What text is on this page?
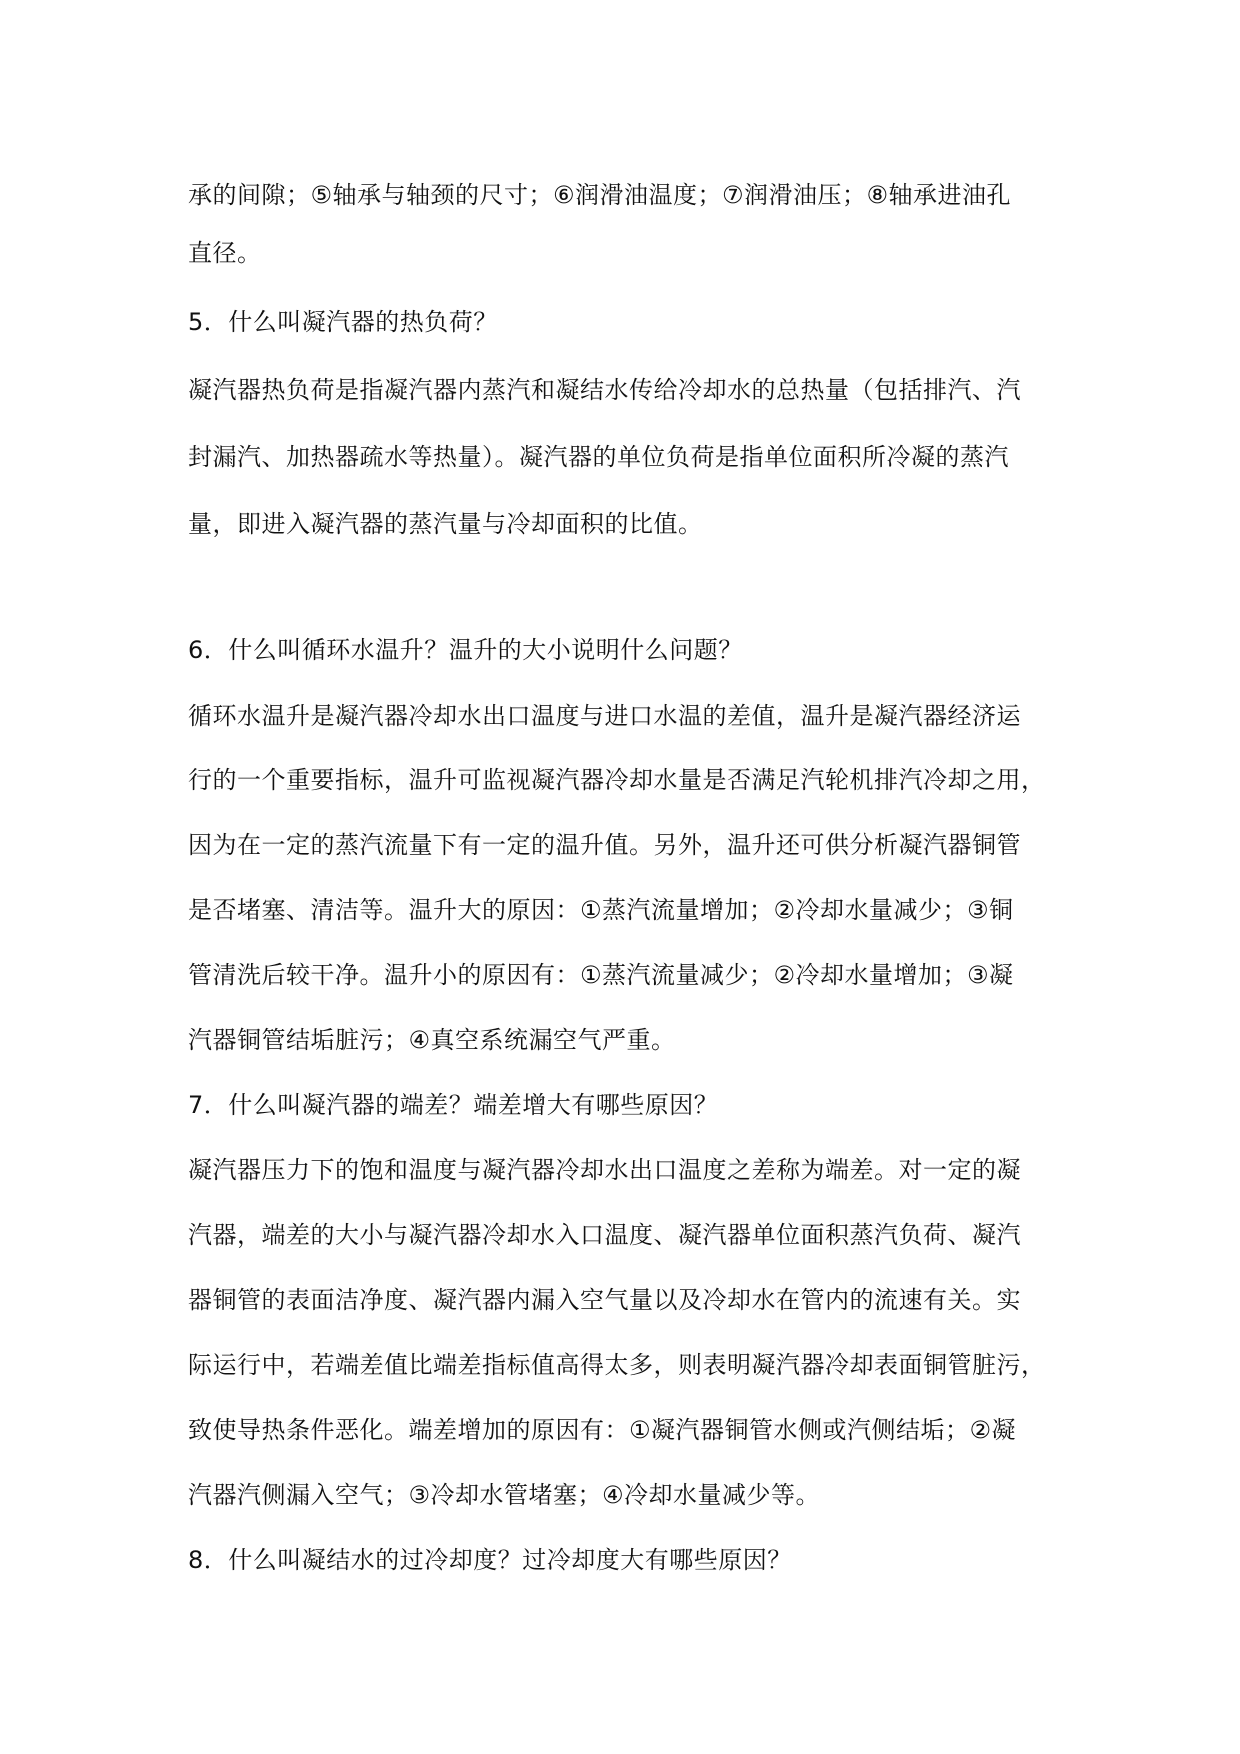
承的间隙；⑤轴承与轴颈的尺寸；⑥润滑油温度；⑦润滑油压；⑧轴承进油孔
直径。
5．什么叫凝汽器的热负荷？
凝汽器热负荷是指凝汽器内蒸汽和凝结水传给冷却水的总热量（包括排汽、汽
封漏汽、加热器疏水等热量）。凝汽器的单位负荷是指单位面积所冷凝的蒸汽
量，即进入凝汽器的蒸汽量与冷却面积的比值。
6．什么叫循环水温升？温升的大小说明什么问题？
循环水温升是凝汽器冷却水出口温度与进口水温的差值，温升是凝汽器经济运
行的一个重要指标，温升可监视凝汽器冷却水量是否满足汽轮机排汽冷却之用，
因为在一定的蒸汽流量下有一定的温升值。另外，温升还可供分析凝汽器铜管
是否堵塞、清洁等。温升大的原因：①蒸汽流量增加；②冷却水量减少；③铜
管清洗后较干净。温升小的原因有：①蒸汽流量减少；②冷却水量增加；③凝
汽器铜管结垢脏污；④真空系统漏空气严重。
7．什么叫凝汽器的端差？端差增大有哪些原因？
凝汽器压力下的饱和温度与凝汽器冷却水出口温度之差称为端差。对一定的凝
汽器，端差的大小与凝汽器冷却水入口温度、凝汽器单位面积蒸汽负荷、凝汽
器铜管的表面洁净度、凝汽器内漏入空气量以及冷却水在管内的流速有关。实
际运行中，若端差值比端差指标值高得太多，则表明凝汽器冷却表面铜管脏污，
致使导热条件恶化。端差增加的原因有：①凝汽器铜管水侧或汽侧结垢；②凝
汽器汽侧漏入空气；③冷却水管堵塞；④冷却水量减少等。
8．什么叫凝结水的过冷却度？过冷却度大有哪些原因？
